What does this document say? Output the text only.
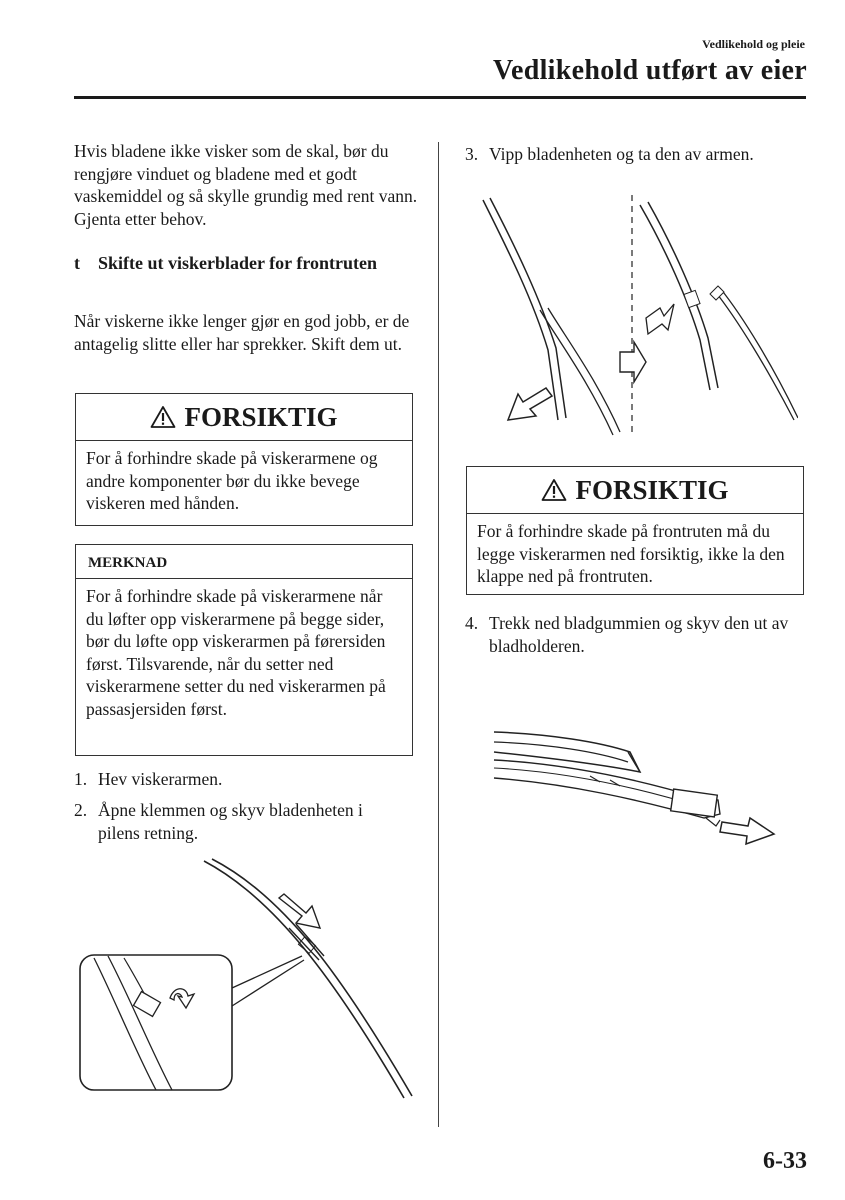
Vedlikehold og pleie
Vedlikehold utført av eier
Hvis bladene ikke visker som de skal, bør du rengjøre vinduet og bladene med et godt vaskemiddel og så skylle grundig med rent vann. Gjenta etter behov.
t	Skifte ut viskerblader for frontruten
Når viskerne ikke lenger gjør en god jobb, er de antagelig slitte eller har sprekker. Skift dem ut.
FORSIKTIG
For å forhindre skade på viskerarmene og andre komponenter bør du ikke bevege viskeren med hånden.
MERKNAD
For å forhindre skade på viskerarmene når du løfter opp viskerarmene på begge sider, bør du løfte opp viskerarmen på førersiden først. Tilsvarende, når du setter ned viskerarmene setter du ned viskerarmen på passasjersiden først.
1. Hev viskerarmen.
2. Åpne klemmen og skyv bladenheten i pilens retning.
3. Vipp bladenheten og ta den av armen.
FORSIKTIG
For å forhindre skade på frontruten må du legge viskerarmen ned forsiktig, ikke la den klappe ned på frontruten.
4. Trekk ned bladgummien og skyv den ut av bladholderen.
6-33
